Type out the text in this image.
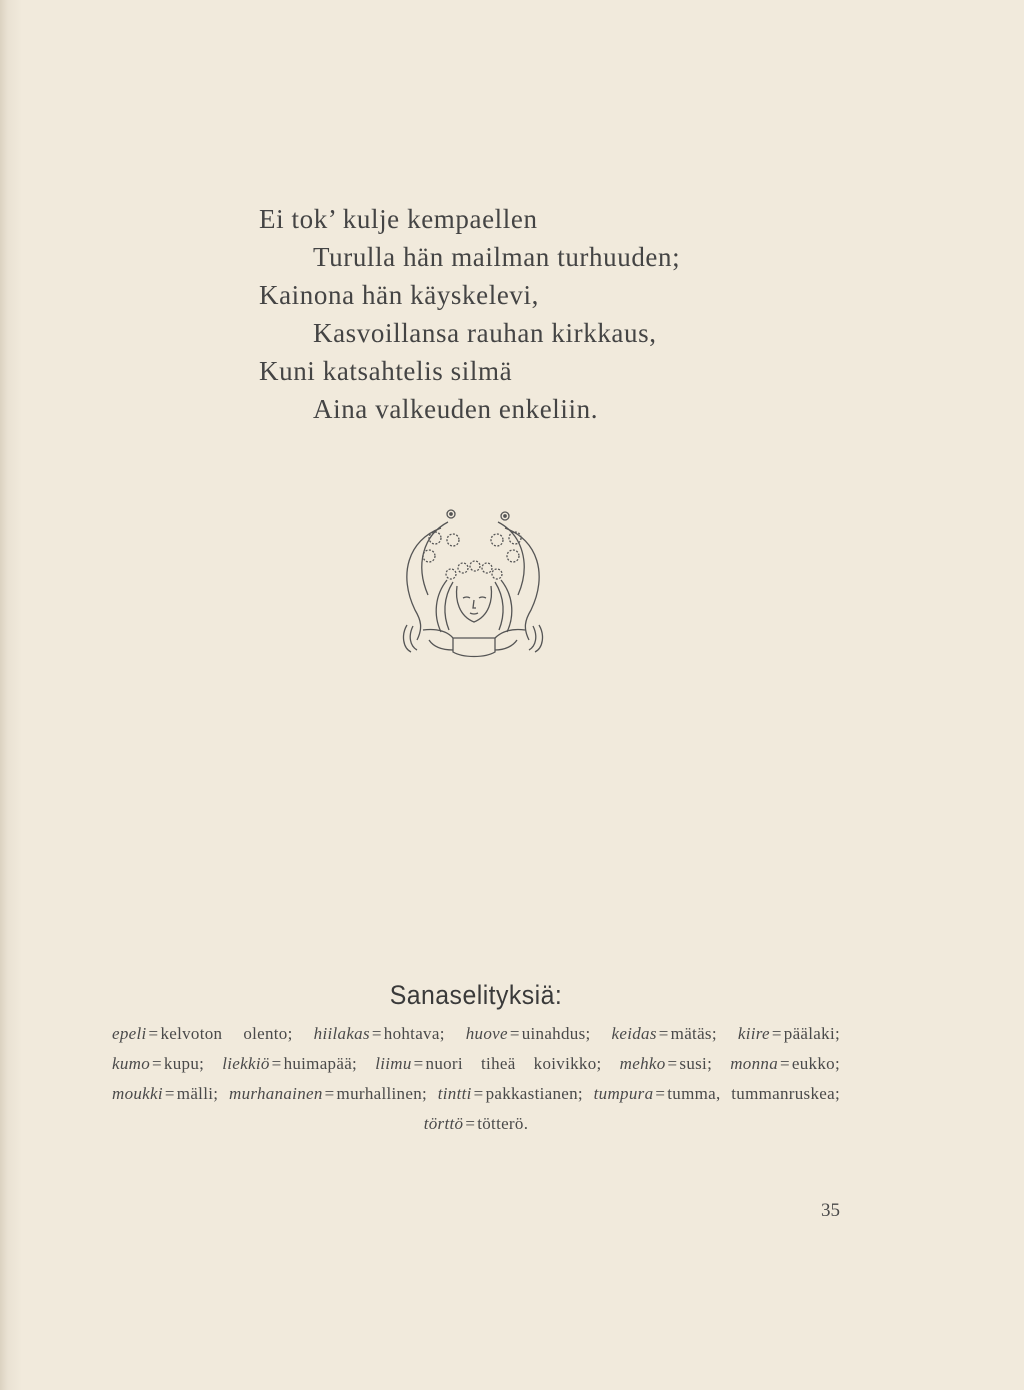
Ei tok’ kulje kempaellen
Turulla hän mailman turhuuden;
Kainona hän käyskelevi,
Kasvoillansa rauhan kirkkaus,
Kuni katsahtelis silmä
Aina valkeuden enkeliin.
Sanaselityksiä:
epeli = kelvoton olento; hiilakas = hohtava; huove = uinahdus; keidas = mätäs; kiire = päälaki; kumo = kupu; liekkiö = huimapää; liimu = nuori tiheä koivikko; mehko = susi; monna = eukko; moukki = mälli; murhanainen = murhallinen; tintti = pakkastianen; tumpura = tumma, tummanruskea; törttö = tötterö.
35
